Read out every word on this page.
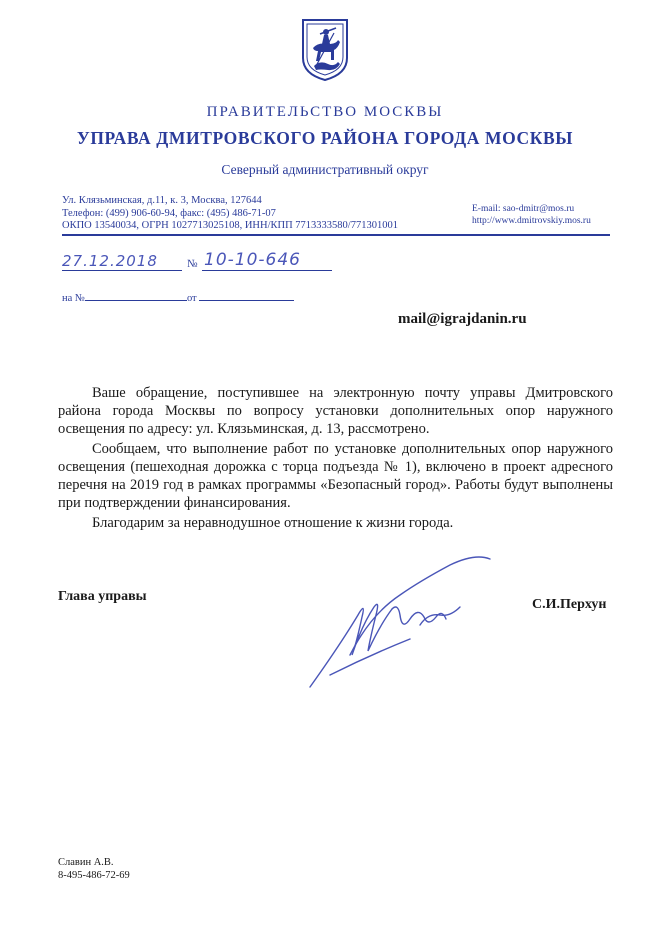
ПРАВИТЕЛЬСТВО МОСКВЫ
УПРАВА ДМИТРОВСКОГО РАЙОНА ГОРОДА МОСКВЫ
Северный административный округ
Ул. Клязьминская, д.11, к. 3, Москва, 127644
Телефон: (499) 906-60-94, факс: (495) 486-71-07
ОКПО 13540034, ОГРН 1027713025108, ИНН/КПП 7713333580/771301001
E-mail: sao-dmitr@mos.ru
http://www.dmitrovskiy.mos.ru
27.12.2018	№ 10-10-646
на №	от
mail@igrajdanin.ru

Ваше обращение, поступившее на электронную почту управы Дмитровского района города Москвы по вопросу установки дополнительных опор наружного освещения по адресу: ул. Клязьминская, д. 13, рассмотрено.

Сообщаем, что выполнение работ по установке дополнительных опор наружного освещения (пешеходная дорожка с торца подъезда № 1), включено в проект адресного перечня на 2019 год в рамках программы «Безопасный город». Работы будут выполнены при подтверждении финансирования.

Благодарим за неравнодушное отношение к жизни города.

Глава управы
С.И.Перхун
Славин А.В.
8-495-486-72-69
